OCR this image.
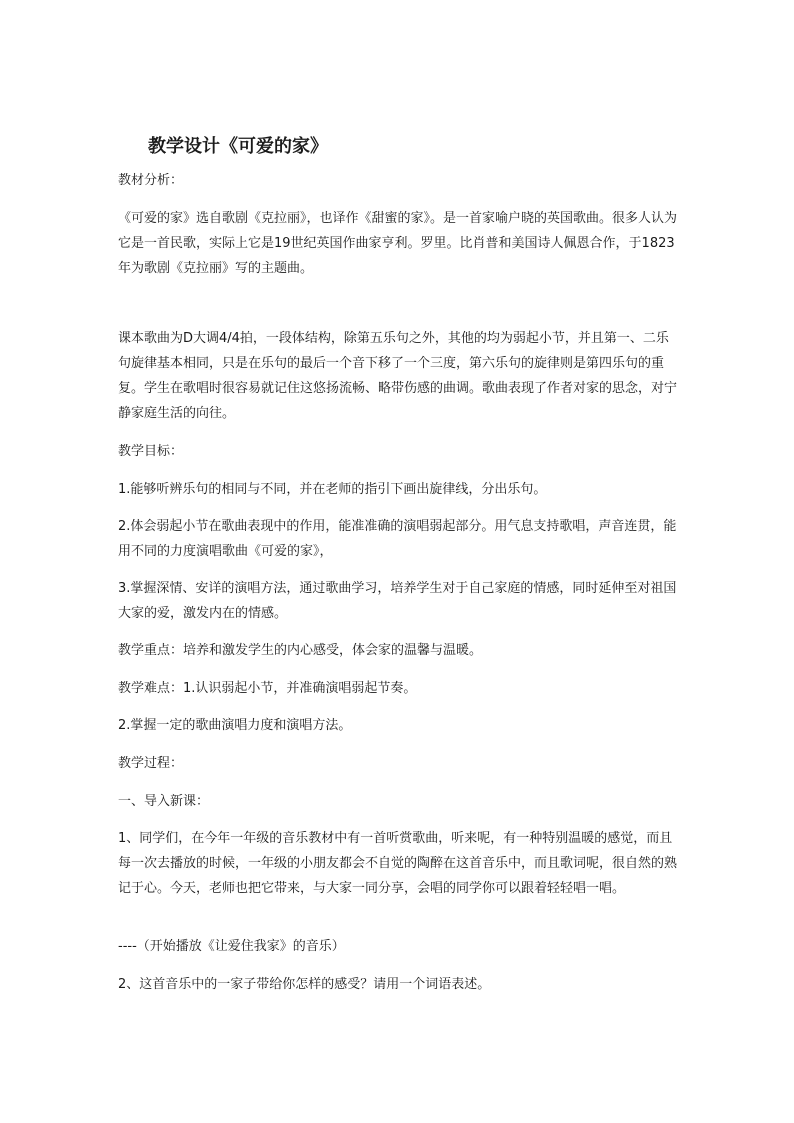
教学设计《可爱的家》

教材分析：

《可爱的家》选自歌剧《克拉丽》，也译作《甜蜜的家》。是一首家喻户晓的英国歌曲。很多人认为它是一首民歌，实际上它是19世纪英国作曲家亨利。罗里。比肖普和美国诗人佩恩合作，于1823年为歌剧《克拉丽》写的主题曲。

课本歌曲为D大调4/4拍，一段体结构，除第五乐句之外，其他的均为弱起小节，并且第一、二乐句旋律基本相同，只是在乐句的最后一个音下移了一个三度，第六乐句的旋律则是第四乐句的重复。学生在歌唱时很容易就记住这悠扬流畅、略带伤感的曲调。歌曲表现了作者对家的思念，对宁静家庭生活的向往。

教学目标：

1.能够听辨乐句的相同与不同，并在老师的指引下画出旋律线，分出乐句。

2.体会弱起小节在歌曲表现中的作用，能准准确的演唱弱起部分。用气息支持歌唱，声音连贯，能用不同的力度演唱歌曲《可爱的家》，

3.掌握深情、安详的演唱方法，通过歌曲学习，培养学生对于自己家庭的情感，同时延伸至对祖国大家的爱，激发内在的情感。

教学重点：培养和激发学生的内心感受，体会家的温馨与温暖。

教学难点：1.认识弱起小节，并准确演唱弱起节奏。

2.掌握一定的歌曲演唱力度和演唱方法。

教学过程：

一、导入新课：

1、同学们，在今年一年级的音乐教材中有一首听赏歌曲，听来呢，有一种特别温暖的感觉，而且每一次去播放的时候，一年级的小朋友都会不自觉的陶醉在这首音乐中，而且歌词呢，很自然的熟记于心。今天，老师也把它带来，与大家一同分享，会唱的同学你可以跟着轻轻唱一唱。

----（开始播放《让爱住我家》的音乐）

2、这首音乐中的一家子带给你怎样的感受？请用一个词语表述。
